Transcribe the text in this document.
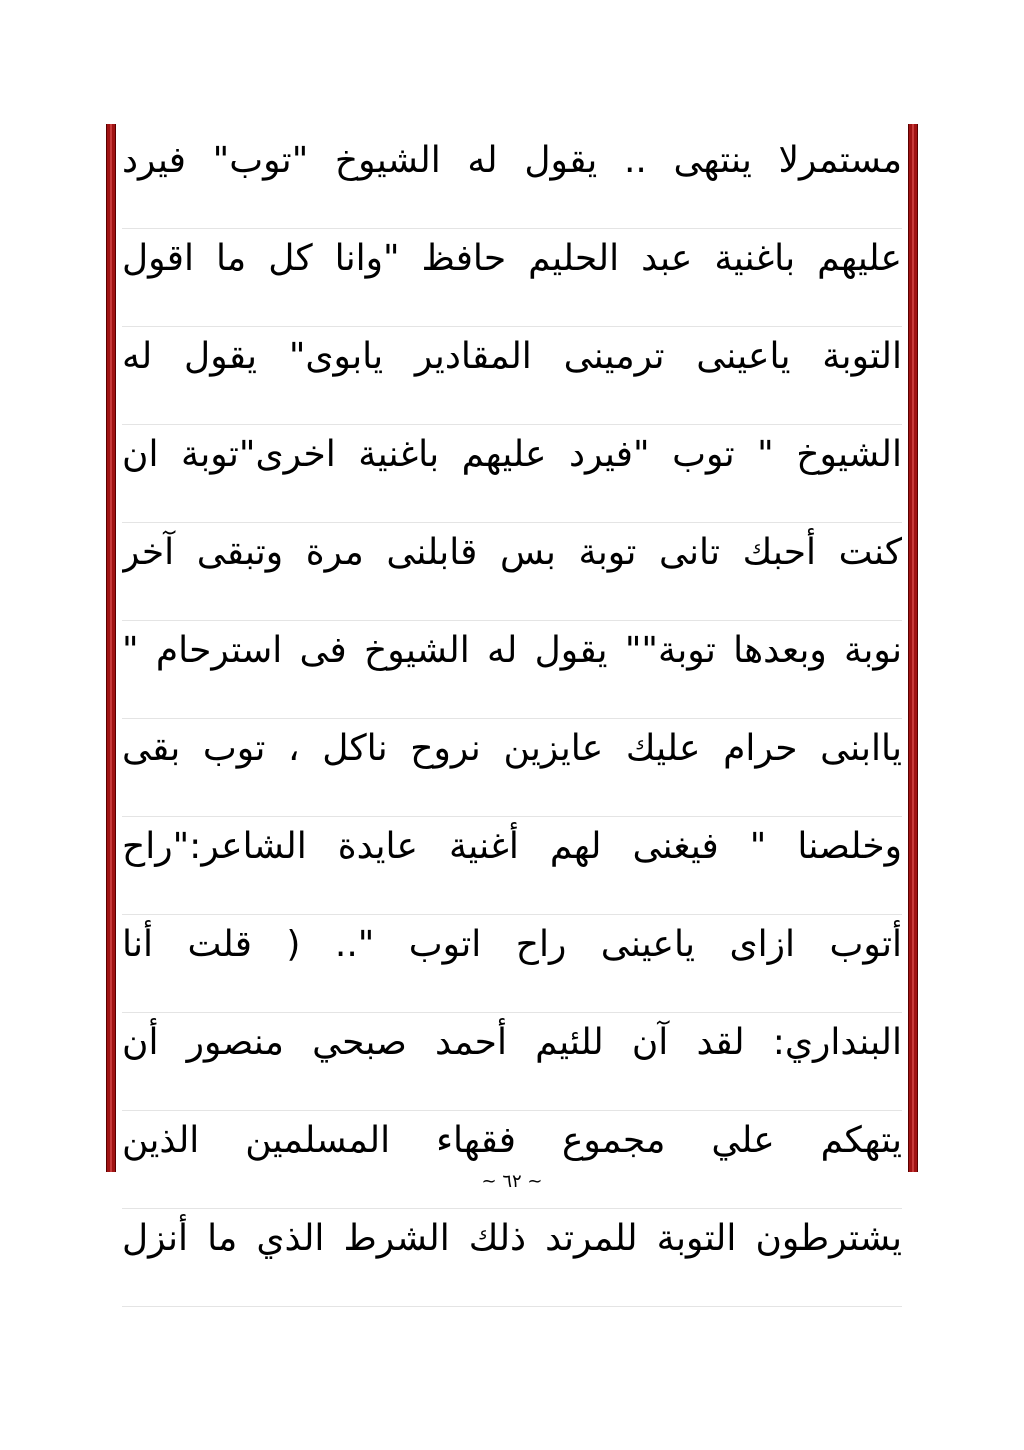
مستمرلا ينتهى .. يقول له الشيوخ "توب" فيرد
عليهم باغنية عبد الحليم حافظ "وانا كل ما اقول
التوبة ياعينى ترمينى المقادير يابوى" يقول له
الشيوخ " توب "فيرد عليهم باغنية اخرى"توبة ان
كنت أحبك تانى توبة بس قابلنى مرة وتبقى آخر
نوبة وبعدها توبة"" يقول له الشيوخ فى استرحام "
ياابنى حرام عليك عايزين نروح ناكل ، توب بقى
وخلصنا " فيغنى لهم أغنية عايدة الشاعر:"راح
أتوب ازاى ياعينى راح اتوب ".. ( قلت أنا
البنداري: لقد آن للئيم أحمد صبحي منصور أن
يتهكم علي مجموع فقهاء المسلمين الذين
يشترطون التوبة للمرتد ذلك الشرط الذي ما أنزل
~ ٦٢ ~
